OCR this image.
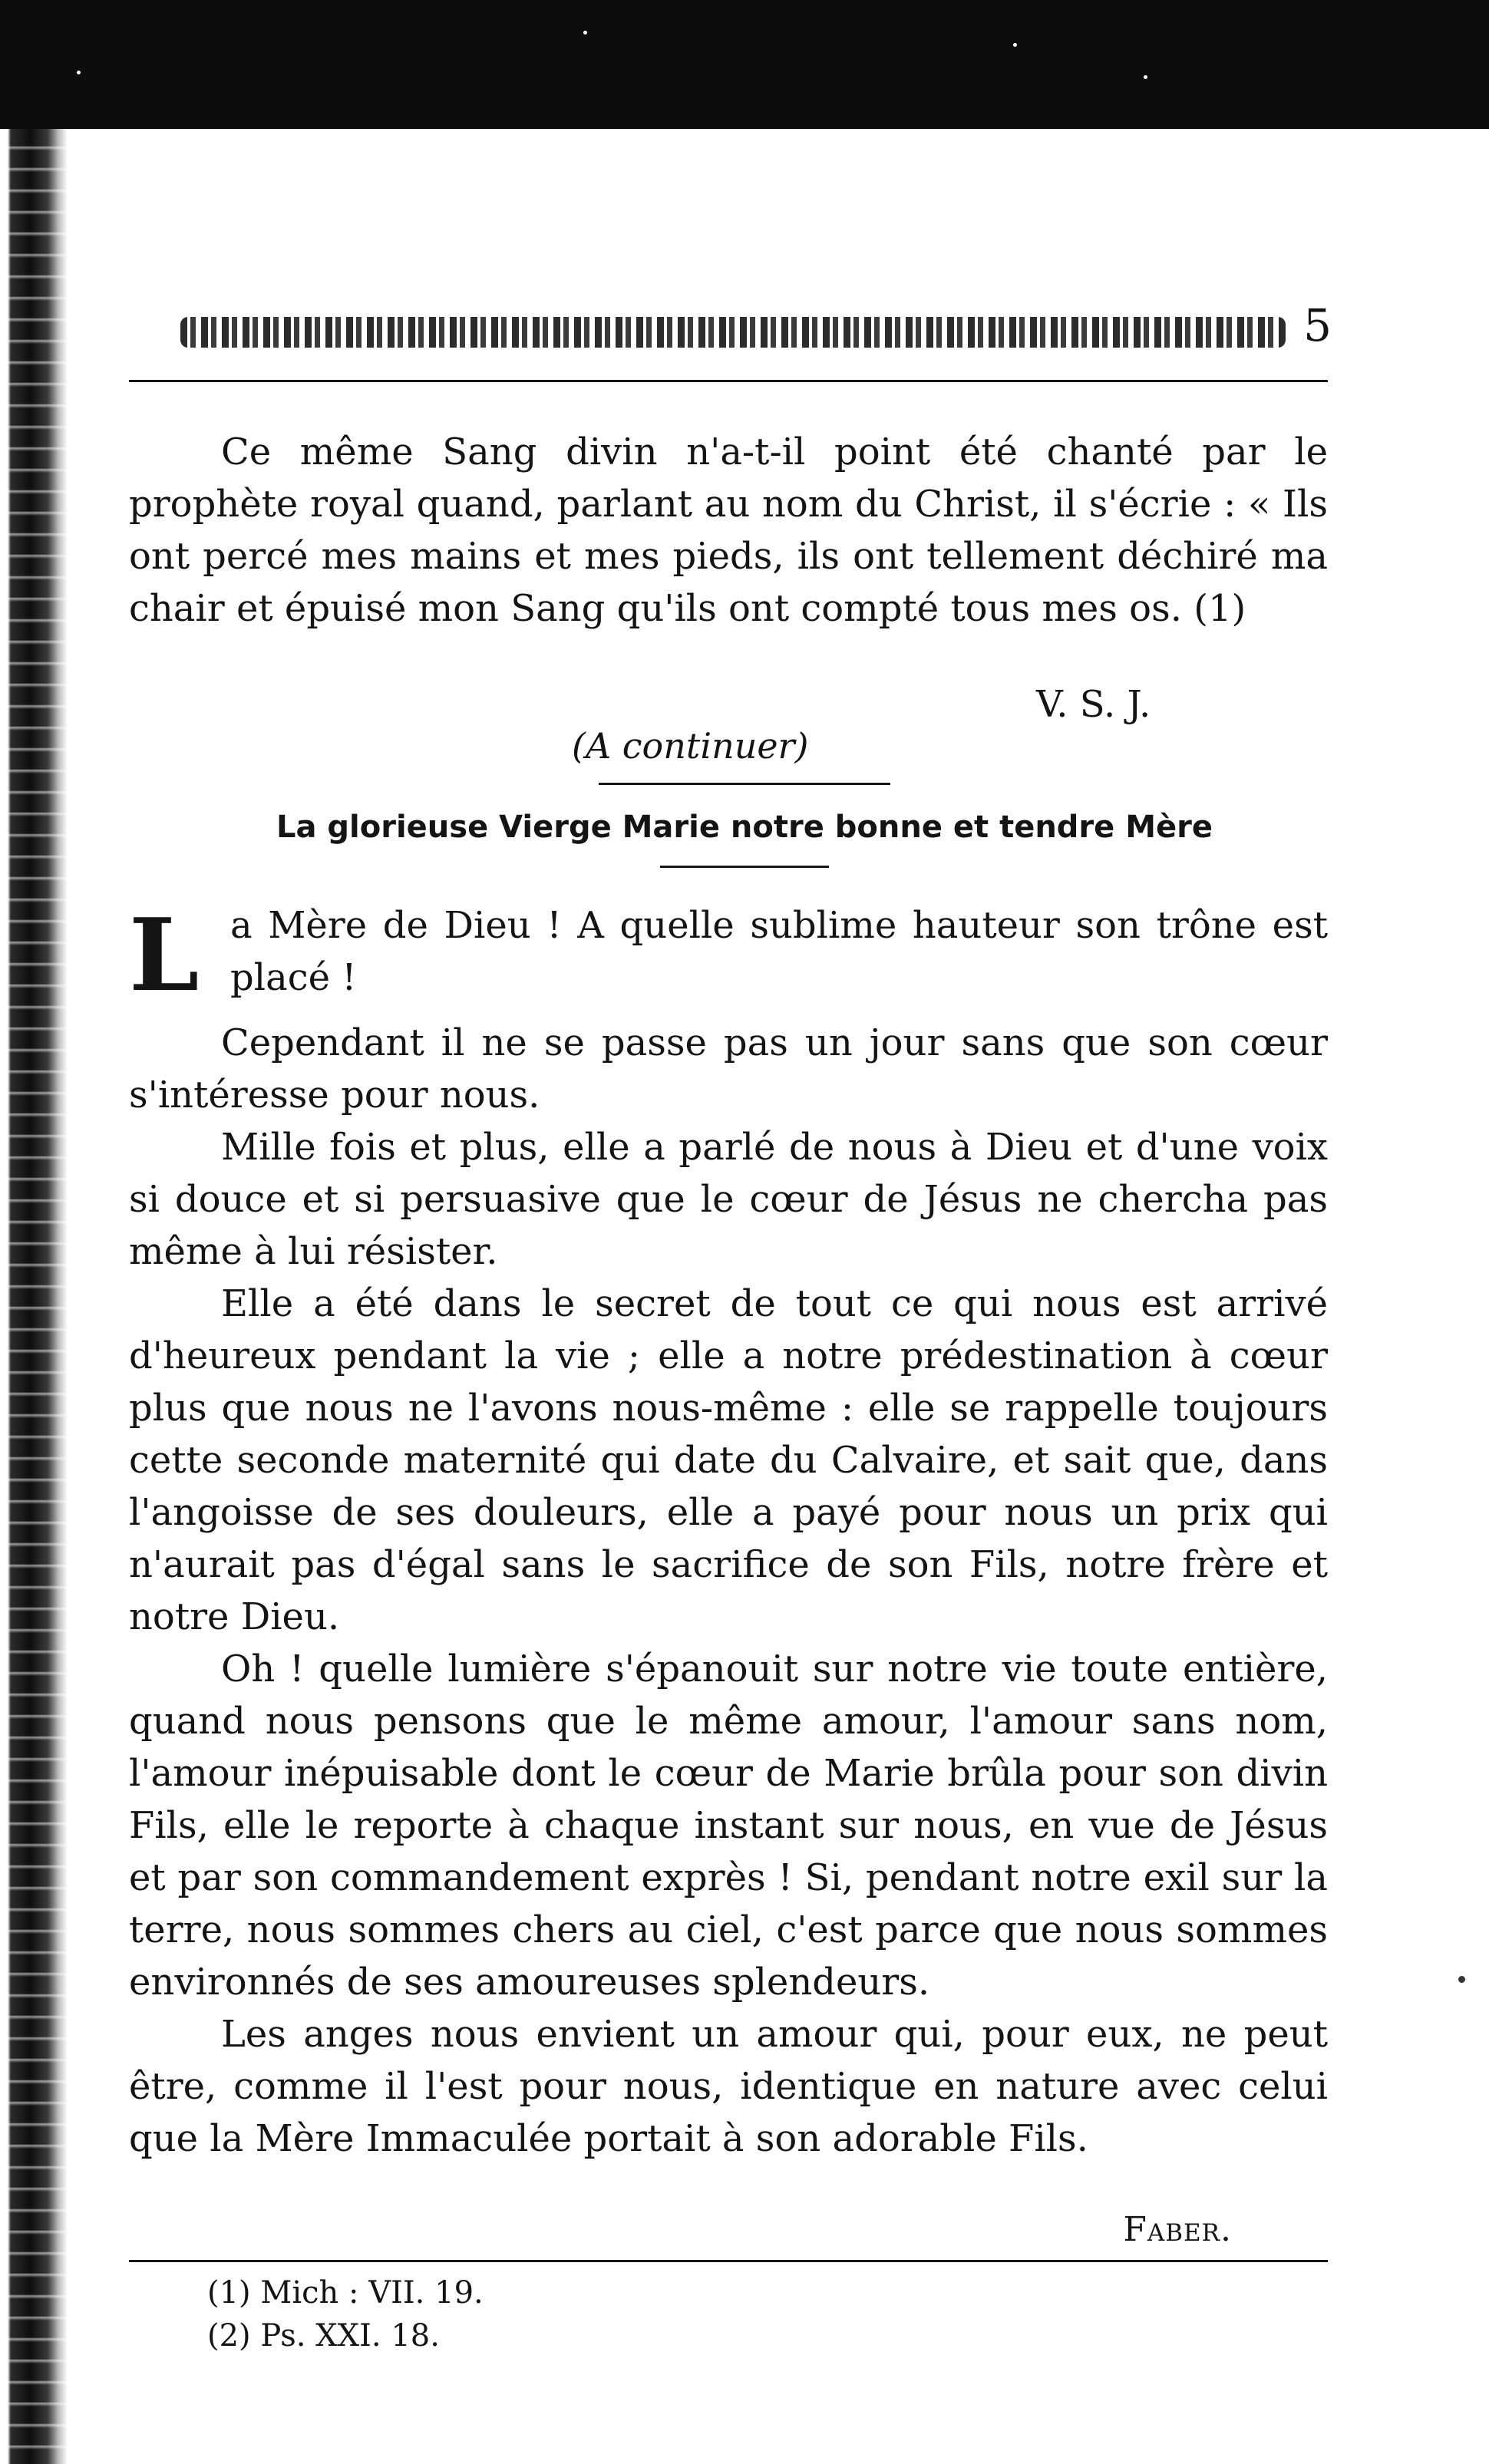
5

Ce même Sang divin n'a-t-il point été chanté par le prophète royal quand, parlant au nom du Christ, il s'écrie : « Ils ont percé mes mains et mes pieds, ils ont tellement déchiré ma chair et épuisé mon Sang qu'ils ont compté tous mes os. (1)

V. S. J.
(A continuer)
La glorieuse Vierge Marie notre bonne et tendre Mère
L a Mère de Dieu ! A quelle sublime hauteur son trône est placé !

Cependant il ne se passe pas un jour sans que son cœur s'intéresse pour nous.

Mille fois et plus, elle a parlé de nous à Dieu et d'une voix si douce et si persuasive que le cœur de Jésus ne chercha pas même à lui résister.

Elle a été dans le secret de tout ce qui nous est arrivé d'heureux pendant la vie ; elle a notre prédestination à cœur plus que nous ne l'avons nous-même : elle se rappelle toujours cette seconde maternité qui date du Calvaire, et sait que, dans l'angoisse de ses douleurs, elle a payé pour nous un prix qui n'aurait pas d'égal sans le sacrifice de son Fils, notre frère et notre Dieu.

Oh ! quelle lumière s'épanouit sur notre vie toute entière, quand nous pensons que le même amour, l'amour sans nom, l'amour inépuisable dont le cœur de Marie brûla pour son divin Fils, elle le reporte à chaque instant sur nous, en vue de Jésus et par son commandement exprès ! Si, pendant notre exil sur la terre, nous sommes chers au ciel, c'est parce que nous sommes environnés de ses amoureuses splendeurs.

Les anges nous envient un amour qui, pour eux, ne peut être, comme il l'est pour nous, identique en nature avec celui que la Mère Immaculée portait à son adorable Fils.

Faber.
(1) Mich : VII. 19.
(2) Ps. XXI. 18.
